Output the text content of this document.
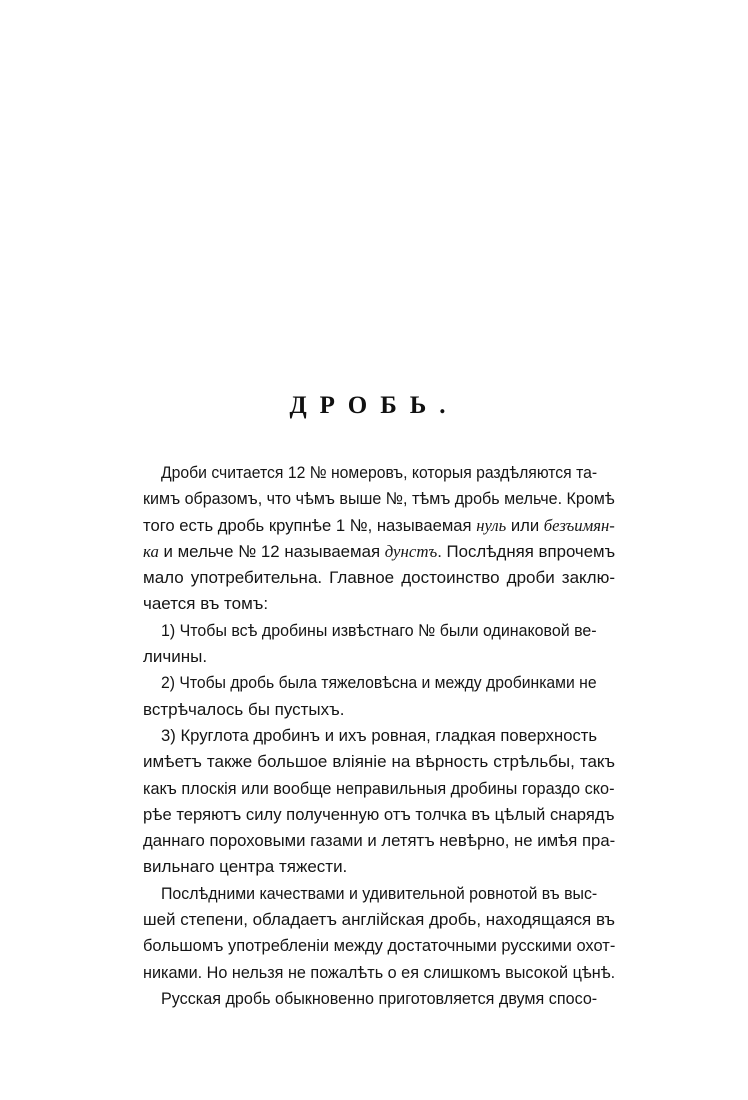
ДРОБЬ.
Дроби считается 12 № номеровъ, которыя раздѣляются та-
кимъ образомъ, что чѣмъ выше №, тѣмъ дробь мельче. Кромѣ
того есть дробь крупнѣе 1 №, называемая нуль или безъимян-
ка и мельче № 12 называемая дунстъ. Послѣдняя впрочемъ
мало употребительна. Главное достоинство дроби заклю-
чается въ томъ:
1) Чтобы всѣ дробины извѣстнаго № были одинаковой ве-
личины.
2) Чтобы дробь была тяжеловѣсна и между дробинками не
встрѣчалось бы пустыхъ.
3) Круглота дробинъ и ихъ ровная, гладкая поверхность
имѣетъ также большое вліяніе на вѣрность стрѣльбы, такъ
какъ плоскія или вообще неправильныя дробины гораздо ско-
рѣе теряютъ силу полученную отъ толчка въ цѣлый снарядъ
даннаго пороховыми газами и летятъ невѣрно, не имѣя пра-
вильнаго центра тяжести.
Послѣдними качествами и удивительной ровнотой въ выс-
шей степени, обладаетъ англійская дробь, находящаяся въ
большомъ употребленіи между достаточными русскими охот-
никами. Но нельзя не пожалѣть о ея слишкомъ высокой цѣнѣ.
Русская дробь обыкновенно приготовляется двумя спосо-
